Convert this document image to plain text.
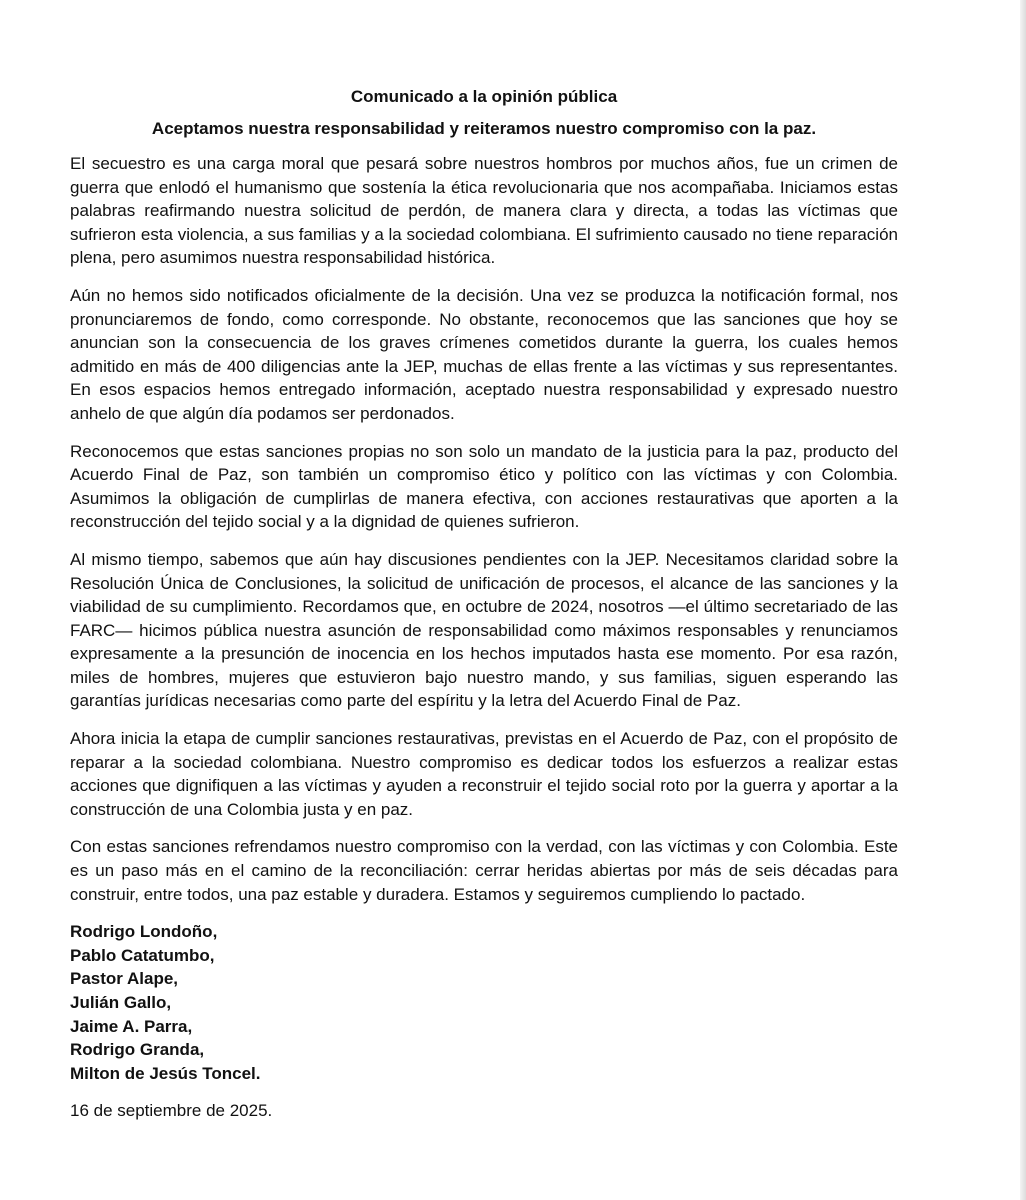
Comunicado a la opinión pública
Aceptamos nuestra responsabilidad y reiteramos nuestro compromiso con la paz.

El secuestro es una carga moral que pesará sobre nuestros hombros por muchos años, fue un crimen de guerra que enlodó el humanismo que sostenía la ética revolucionaria que nos acompañaba. Iniciamos estas palabras reafirmando nuestra solicitud de perdón, de manera clara y directa, a todas las víctimas que sufrieron esta violencia, a sus familias y a la sociedad colombiana. El sufrimiento causado no tiene reparación plena, pero asumimos nuestra responsabilidad histórica.

Aún no hemos sido notificados oficialmente de la decisión. Una vez se produzca la notificación formal, nos pronunciaremos de fondo, como corresponde. No obstante, reconocemos que las sanciones que hoy se anuncian son la consecuencia de los graves crímenes cometidos durante la guerra, los cuales hemos admitido en más de 400 diligencias ante la JEP, muchas de ellas frente a las víctimas y sus representantes. En esos espacios hemos entregado información, aceptado nuestra responsabilidad y expresado nuestro anhelo de que algún día podamos ser perdonados.

Reconocemos que estas sanciones propias no son solo un mandato de la justicia para la paz, producto del Acuerdo Final de Paz, son también un compromiso ético y político con las víctimas y con Colombia. Asumimos la obligación de cumplirlas de manera efectiva, con acciones restaurativas que aporten a la reconstrucción del tejido social y a la dignidad de quienes sufrieron.

Al mismo tiempo, sabemos que aún hay discusiones pendientes con la JEP. Necesitamos claridad sobre la Resolución Única de Conclusiones, la solicitud de unificación de procesos, el alcance de las sanciones y la viabilidad de su cumplimiento. Recordamos que, en octubre de 2024, nosotros —el último secretariado de las FARC— hicimos pública nuestra asunción de responsabilidad como máximos responsables y renunciamos expresamente a la presunción de inocencia en los hechos imputados hasta ese momento. Por esa razón, miles de hombres, mujeres que estuvieron bajo nuestro mando, y sus familias, siguen esperando las garantías jurídicas necesarias como parte del espíritu y la letra del Acuerdo Final de Paz.

Ahora inicia la etapa de cumplir sanciones restaurativas, previstas en el Acuerdo de Paz, con el propósito de reparar a la sociedad colombiana. Nuestro compromiso es dedicar todos los esfuerzos a realizar estas acciones que dignifiquen a las víctimas y ayuden a reconstruir el tejido social roto por la guerra y aportar a la construcción de una Colombia justa y en paz.

Con estas sanciones refrendamos nuestro compromiso con la verdad, con las víctimas y con Colombia. Este es un paso más en el camino de la reconciliación: cerrar heridas abiertas por más de seis décadas para construir, entre todos, una paz estable y duradera. Estamos y seguiremos cumpliendo lo pactado.

Rodrigo Londoño,
Pablo Catatumbo,
Pastor Alape,
Julián Gallo,
Jaime A. Parra,
Rodrigo Granda,
Milton de Jesús Toncel.

16 de septiembre de 2025.
